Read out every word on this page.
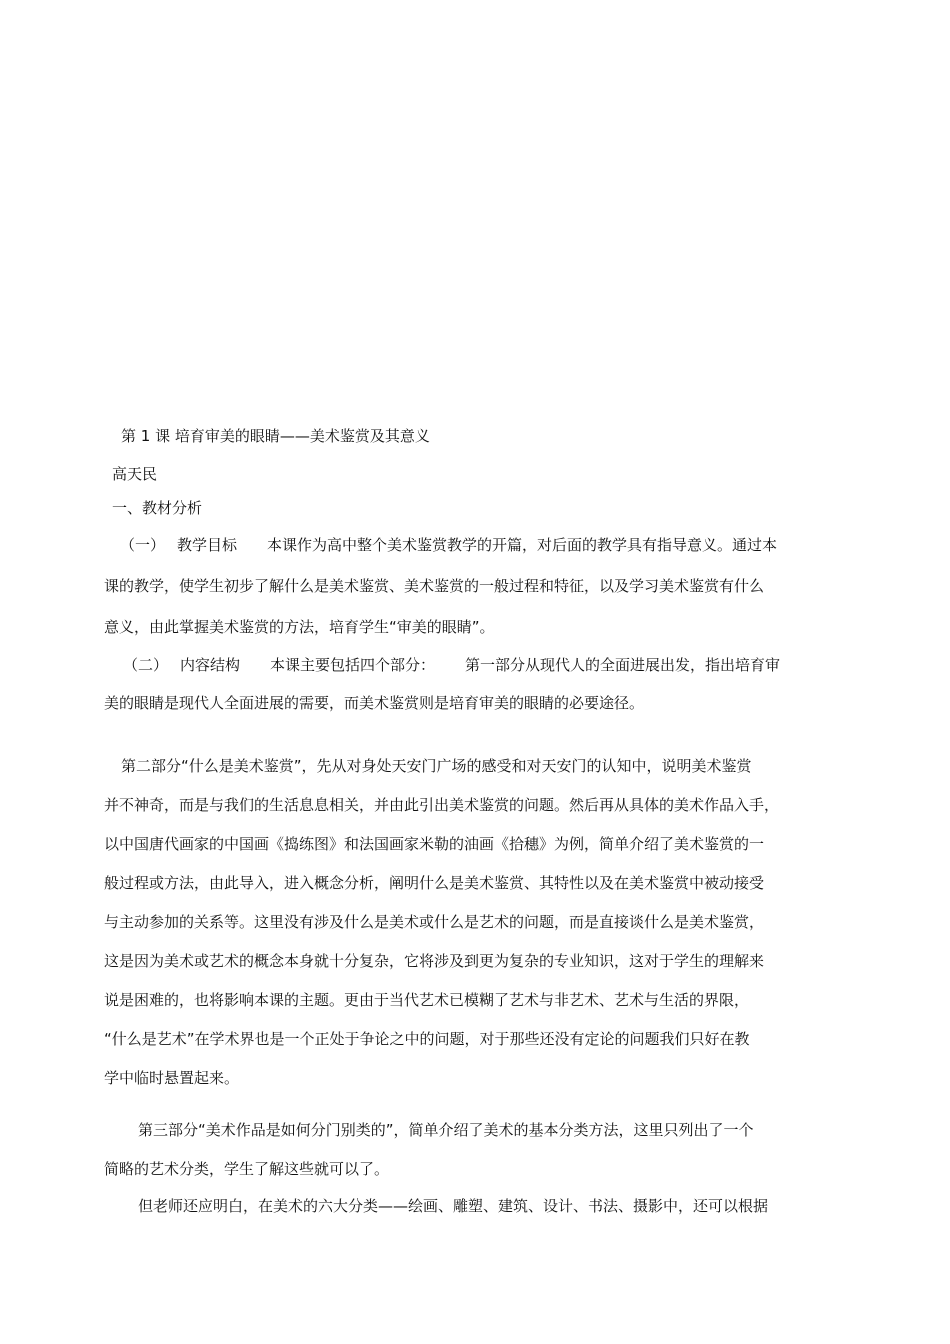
第 1 课 培育审美的眼睛——美术鉴赏及其意义
高天民
一、教材分析
（一） 教学目标 本课作为高中整个美术鉴赏教学的开篇，对后面的教学具有指导意义。通过本
课的教学，使学生初步了解什么是美术鉴赏、美术鉴赏的一般过程和特征，以及学习美术鉴赏有什么
意义，由此掌握美术鉴赏的方法，培育学生“审美的眼睛”。
（二） 内容结构 本课主要包括四个部分： 第一部分从现代人的全面进展出发，指出培育审
美的眼睛是现代人全面进展的需要，而美术鉴赏则是培育审美的眼睛的必要途径。
第二部分“什么是美术鉴赏”，先从对身处天安门广场的感受和对天安门的认知中，说明美术鉴赏
并不神奇，而是与我们的生活息息相关，并由此引出美术鉴赏的问题。然后再从具体的美术作品入手，
以中国唐代画家的中国画《捣练图》和法国画家米勒的油画《拾穗》为例，简单介绍了美术鉴赏的一
般过程或方法，由此导入，进入概念分析，阐明什么是美术鉴赏、其特性以及在美术鉴赏中被动接受
与主动参加的关系等。这里没有涉及什么是美术或什么是艺术的问题，而是直接谈什么是美术鉴赏，
这是因为美术或艺术的概念本身就十分复杂，它将涉及到更为复杂的专业知识，这对于学生的理解来
说是困难的，也将影响本课的主题。更由于当代艺术已模糊了艺术与非艺术、艺术与生活的界限，
“什么是艺术”在学术界也是一个正处于争论之中的问题，对于那些还没有定论的问题我们只好在教
学中临时悬置起来。
第三部分“美术作品是如何分门别类的”，简单介绍了美术的基本分类方法，这里只列出了一个
简略的艺术分类，学生了解这些就可以了。
但老师还应明白，在美术的六大分类——绘画、雕塑、建筑、设计、书法、摄影中，还可以根据
